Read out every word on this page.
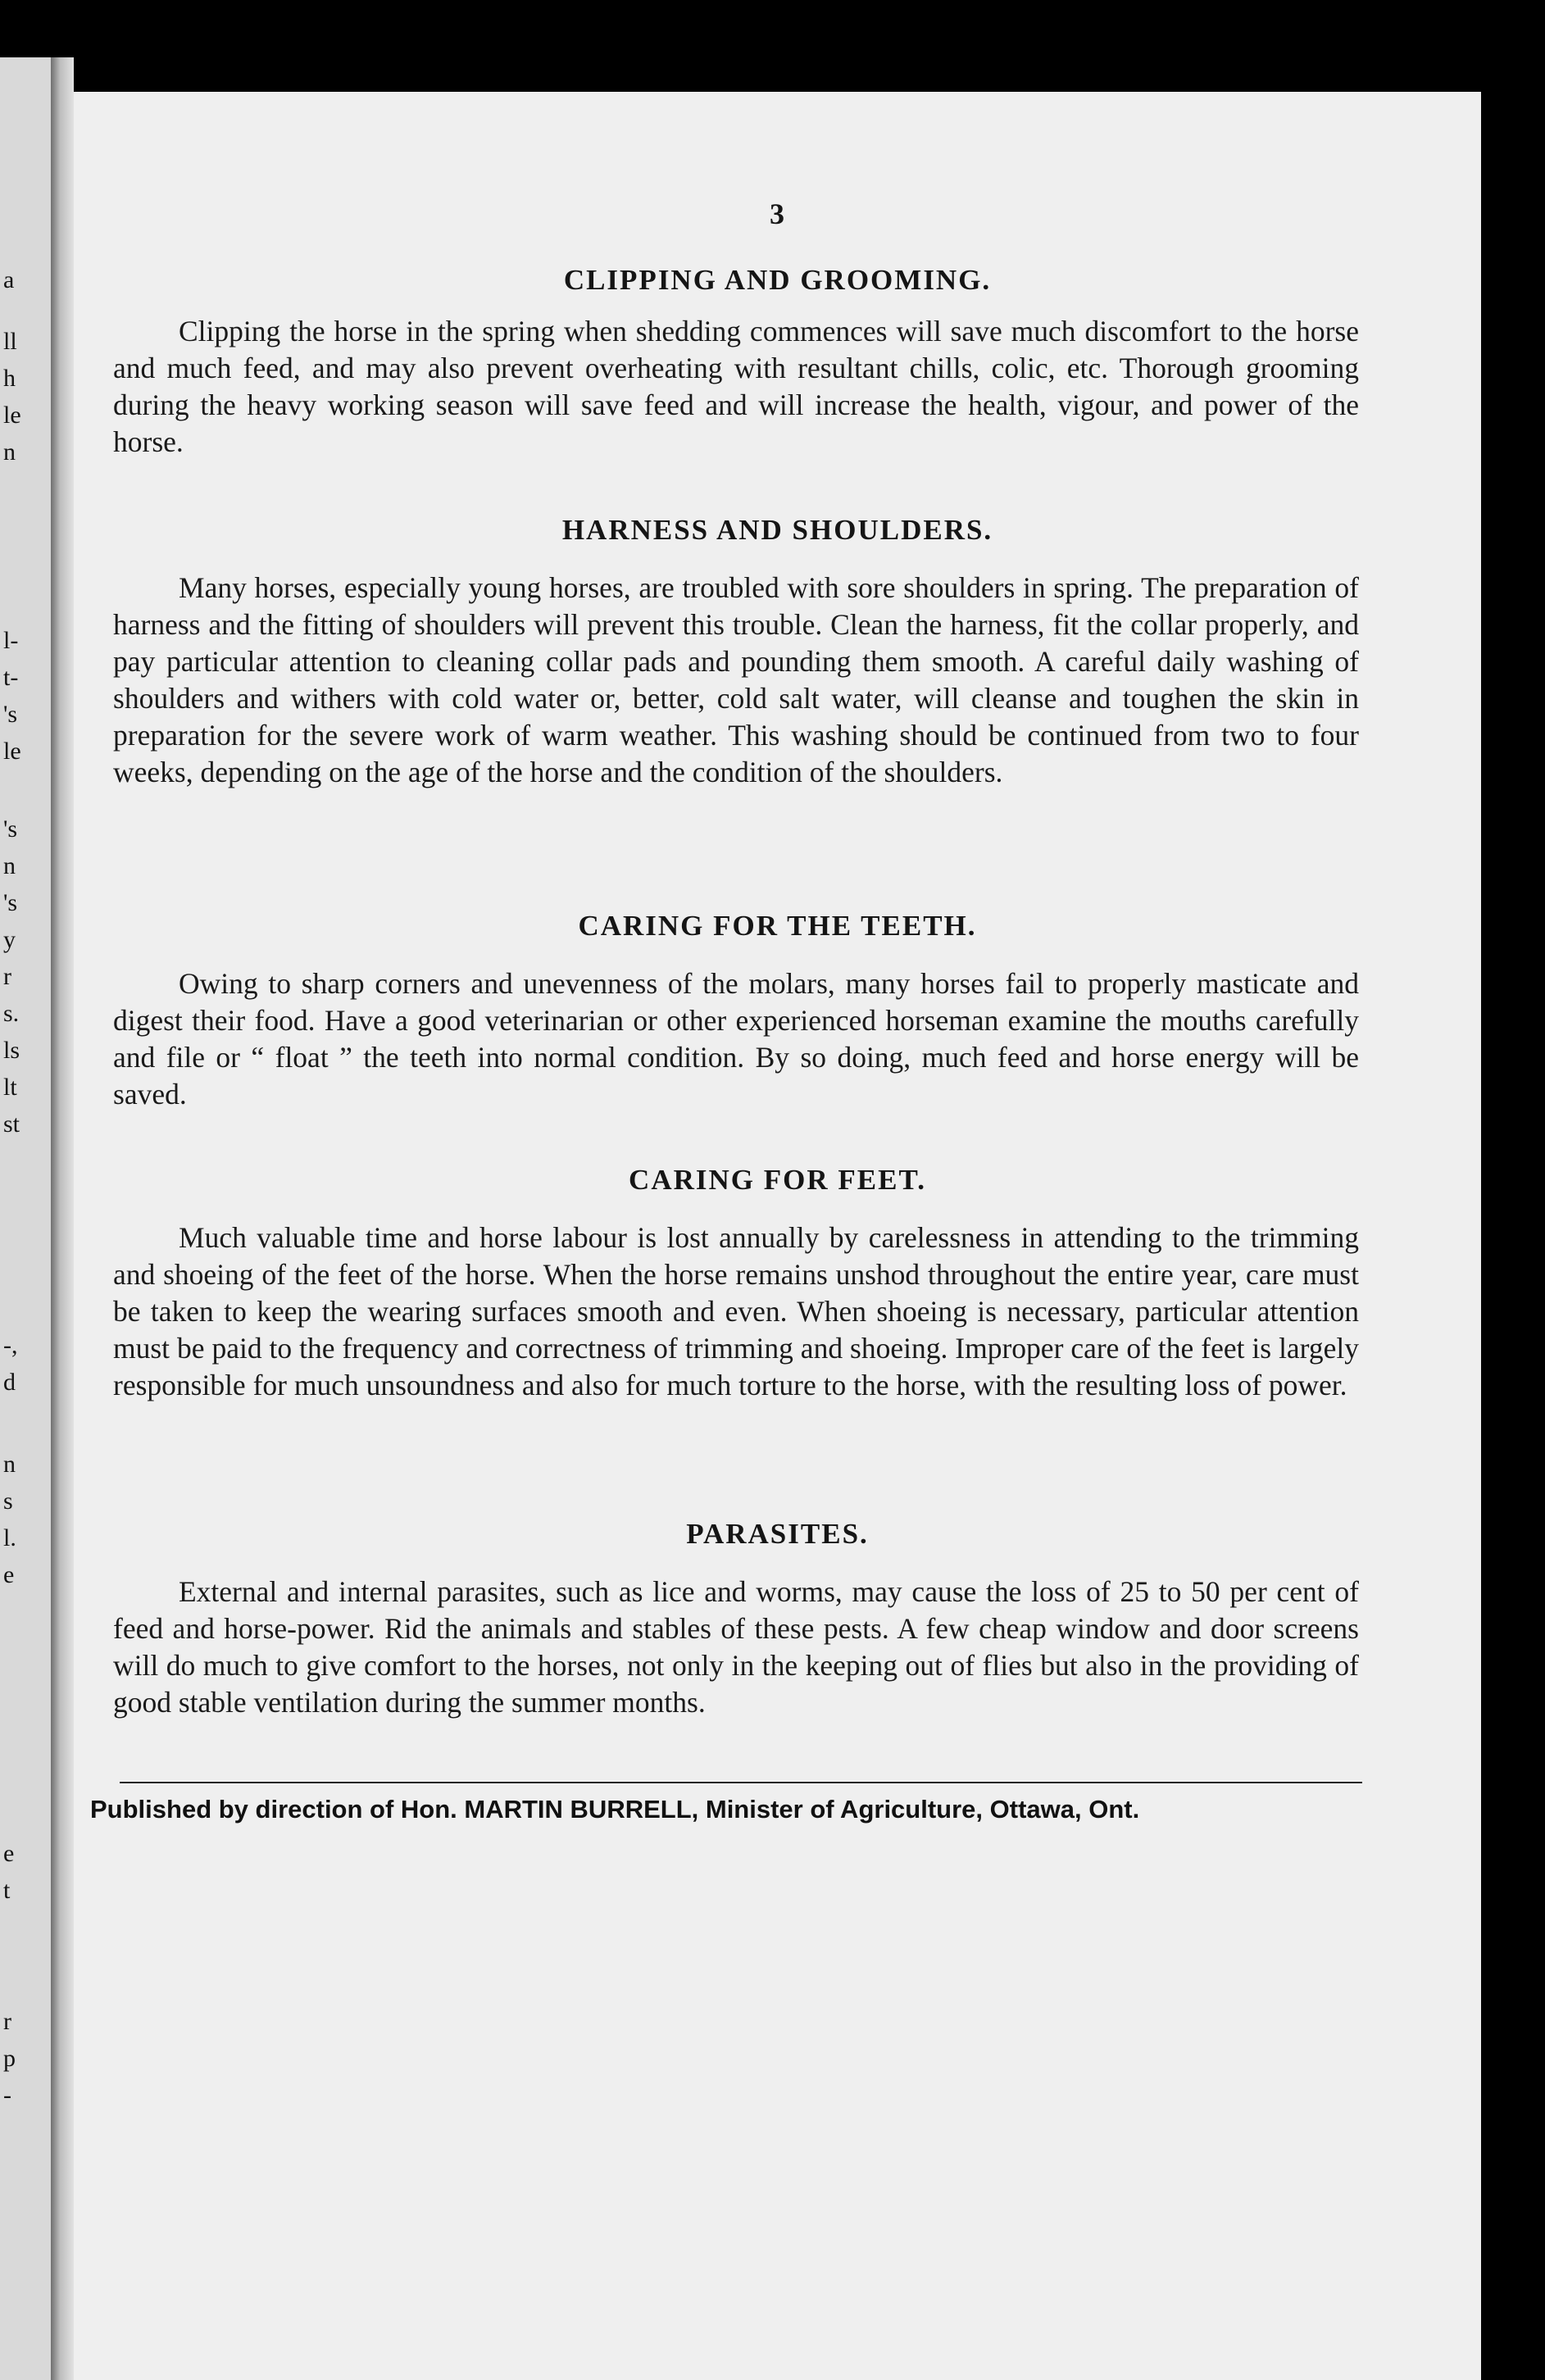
a
ll
h
le
n
l-
t-
's
le
's
n
's
y
r
s.
ls
lt
st
-,
d
n
s
l.
e
e
t
r
p
-
3
CLIPPING AND GROOMING.
Clipping the horse in the spring when shedding commences will save much discomfort to the horse and much feed, and may also prevent overheating with resultant chills, colic, etc. Thorough grooming during the heavy working season will save feed and will increase the health, vigour, and power of the horse.
HARNESS AND SHOULDERS.
Many horses, especially young horses, are troubled with sore shoulders in spring. The preparation of harness and the fitting of shoulders will prevent this trouble. Clean the harness, fit the collar properly, and pay particular attention to cleaning collar pads and pounding them smooth. A careful daily washing of shoulders and withers with cold water or, better, cold salt water, will cleanse and toughen the skin in preparation for the severe work of warm weather. This washing should be continued from two to four weeks, depending on the age of the horse and the condition of the shoulders.
CARING FOR THE TEETH.
Owing to sharp corners and unevenness of the molars, many horses fail to properly masticate and digest their food. Have a good veterinarian or other experienced horseman examine the mouths carefully and file or “ float ” the teeth into normal condition. By so doing, much feed and horse energy will be saved.
CARING FOR FEET.
Much valuable time and horse labour is lost annually by carelessness in attending to the trimming and shoeing of the feet of the horse. When the horse remains unshod throughout the entire year, care must be taken to keep the wearing surfaces smooth and even. When shoeing is necessary, particular attention must be paid to the frequency and correctness of trimming and shoeing. Improper care of the feet is largely responsible for much unsoundness and also for much torture to the horse, with the resulting loss of power.
PARASITES.
External and internal parasites, such as lice and worms, may cause the loss of 25 to 50 per cent of feed and horse-power. Rid the animals and stables of these pests. A few cheap window and door screens will do much to give comfort to the horses, not only in the keeping out of flies but also in the providing of good stable ventilation during the summer months.
Published by direction of Hon. MARTIN BURRELL, Minister of Agriculture, Ottawa, Ont.
